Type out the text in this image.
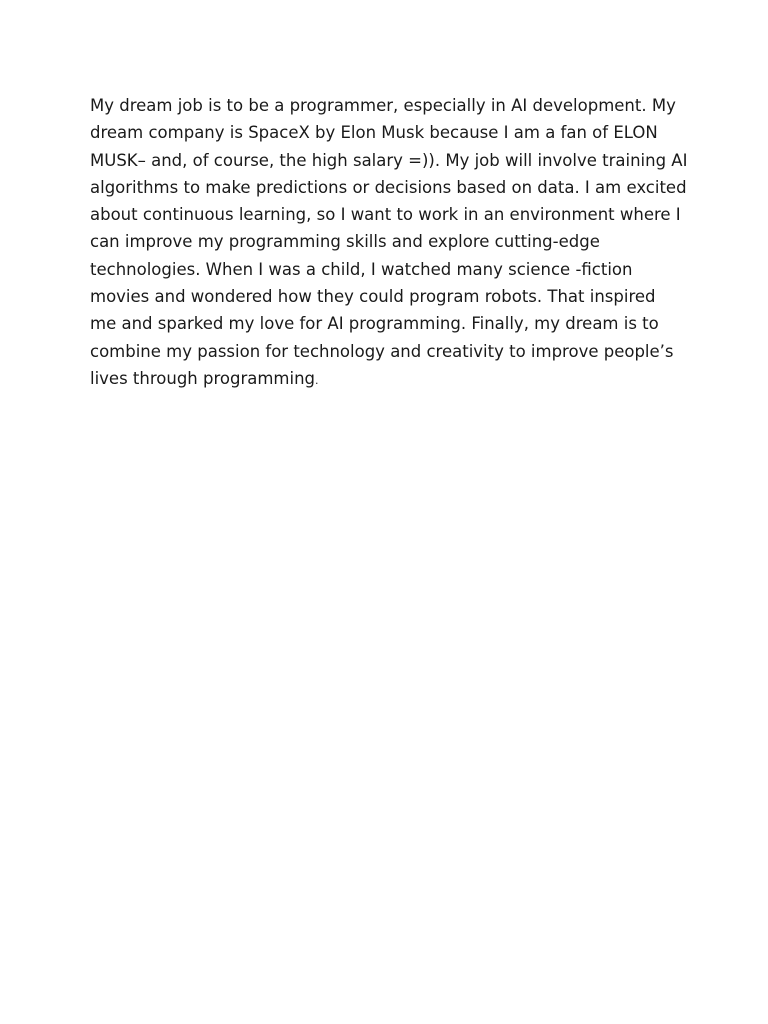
My dream job is to be a programmer, especially in AI development. My
dream company is SpaceX by Elon Musk because I am a fan of ELON
MUSK– and, of course, the high salary =)). My job will involve training AI
algorithms to make predictions or decisions based on data. I am excited
about continuous learning, so I want to work in an environment where I
can improve my programming skills and explore cutting-edge
technologies. When I was a child, I watched many science -fiction
movies and wondered how they could program robots. That inspired
me and sparked my love for AI programming. Finally, my dream is to
combine my passion for technology and creativity to improve people’s
lives through programming.
